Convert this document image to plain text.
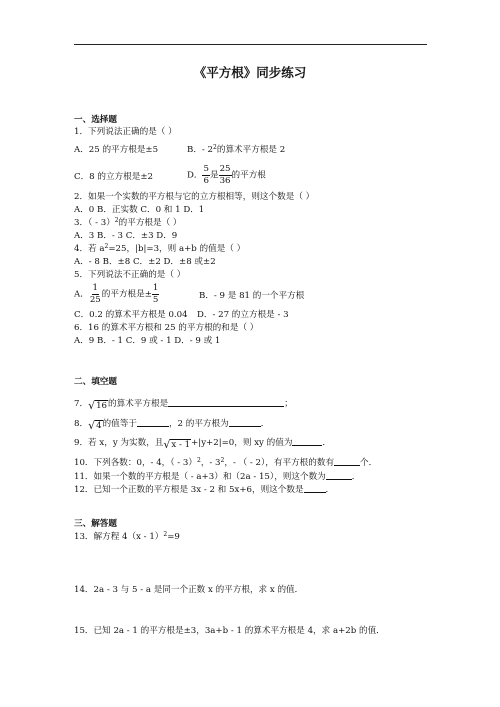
《平方根》同步练习
一、选择题
1．下列说法正确的是（ ）
A．25 的平方根是±5	B．- $2^2$的算术平方根是 2
C．8 的立方根是±2	D． $\frac{5}{6}$ 是 $\frac{25}{36}$ 的平方根
2．如果一个实数的平方根与它的立方根相等，则这个数是（ ）
A．0 B．正实数 C．0 和 1 D．1
3．（ - 3）$^2$的平方根是（ ）
A．3 B．- 3 C．±3 D．9
4．若 $a^2=25$，|b|=3，则 a+b 的值是（ ）
A．- 8 B．±8 C．±2 D．±8 或±2
5．下列说法不正确的是（ ）
A． $\frac{1}{25}$ 的平方根是± $\frac{1}{5}$	B．- 9 是 81 的一个平方根
C．0.2 的算术平方根是 0.04 D．- 27 的立方根是 - 3
6．16 的算术平方根和 25 的平方根的和是（ ）
A．9 B．- 1 C．9 或 - 1 D．- 9 或 1
二、填空题
7． √ 16 的算术平方根是	；
8． √ 4 的值等于	，2 的平方根为	．
9．若 x，y 为实数，且 √ x - 1 +|y+2|=0，则 xy 的值为	．
10．下列各数：0，- 4，（ - 3）$^2$，- $3^2$，- （ - 2），有平方根的数有	个．
11．如果一个数的平方根是（ - a+3）和（2a - 15），则这个数为	．
12．已知一个正数的平方根是 3x - 2 和 5x+6，则这个数是	．
三、解答题
13．解方程 4（x - 1）$^2$=9
14．2a - 3 与 5 - a 是同一个正数 x 的平方根，求 x 的值．
15．已知 2a - 1 的平方根是±3，3a+b - 1 的算术平方根是 4，求 a+2b 的值．
